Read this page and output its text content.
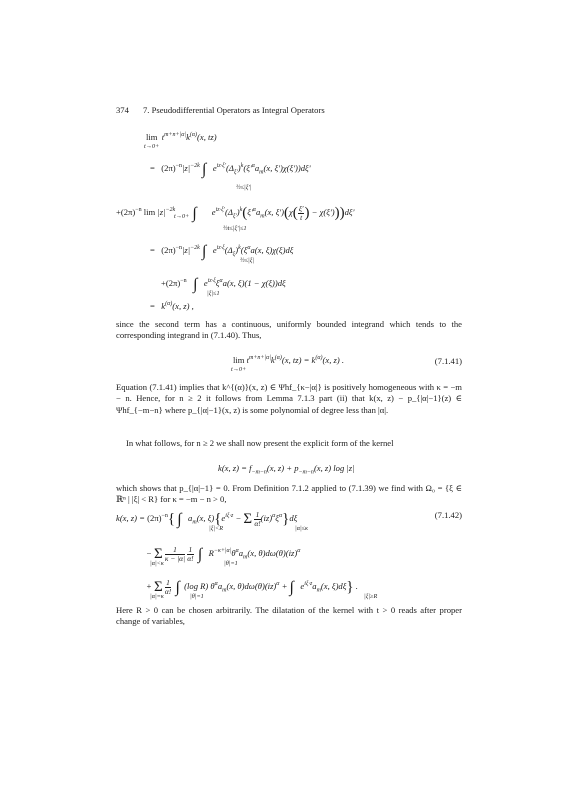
374 7. Pseudodifferential Operators as Integral Operators
lim
t→0+
$t^{m+n+|\alpha|}k^{(\alpha)}(x$, tz)
=   $(2\pi)^{-n}|z|^{-2k}$ ∫   $e^{iz\cdot\xi'}(\Delta_{\xi'})^k(\xi'^\alpha a_m(x$, ξ')χ(ξ'))dξ'
½≤|ξ'|
$+(2\pi)^{-n}$ $\lim |z|^{-2k}$ ∫       $e^{iz\cdot\xi'}(\Delta_{\xi'})^k(\xi'^\alpha a_m(x$, $\xi')(\chi( \frac{\xi'}{t}$ ) − χ(ξ')))dξ'
t→0+
½t≤|ξ'|≤1
=   $(2\pi)^{-n}|z|^{-2k}$ ∫   $e^{iz\cdot\xi}(\Delta_\xi)^k(\xi^\alpha a(x$, ξ)χ(ξ)dξ
½≤|ξ|
$+(2\pi)^{-n}$ ∫   $e^{iz\cdot\xi}\xi^\alpha a(x$, ξ)(1 − χ(ξ))dξ
|ξ|≤1
=   $k^{(\alpha)}(x$, z) ,
since the second term has a continuous, uniformly bounded integrand which tends to the corresponding integrand in (7.1.40). Thus,
$\lim t^{m+n+|\alpha|}k^{(\alpha)}(x$, $tz) = k^{(\alpha)}(x$, z) .
t→0+
(7.1.41)
Equation (7.1.41) implies that k^{(α)}(x, z) ∈ Ψhf_{κ−|α|} is positively homogeneous with κ = −m − n. Hence, for n ≥ 2 it follows from Lemma 7.1.3 part (ii) that k(x, z) − p_{|α|−1}(z) ∈ Ψhf_{−m−n} where p_{|α|−1}(x, z) is some polynomial of degree less than |α|.
In what follows, for n ≥ 2 we shall now present the explicit form of the kernel
k(x, $z) = f_{-m-n}(x$, $z) + p_{-m-n}(x$, z) log |z|
which shows that p_{|α|−1} = 0. From Definition 7.1.2 applied to (7.1.39) we find with Ω₀ = {ξ ∈ ℝⁿ | |ξ| < R} for κ = −m − n > 0,
k(x, $z) = (2\pi)^{-n}${ ∫   $a_m(x$, $\xi)\{e^{i\xi\cdot z} - \Sigma \frac{1}{\alpha!} (iz)^\alpha\xi^\alpha\}d\xi$
|ξ|<R	|α|≤κ
(7.1.42)
− Σ $\frac{1}{\kappa - |\alpha|}$
$\frac{1}{\alpha!}$ ∫   $R^{-\kappa+|\alpha|}\theta^\alpha a_m(x$, θ)dω(θ)(iz)$^\alpha$
|α|<κ	|θ|=1
+ Σ $\frac{1}{\alpha!}$ ∫  (log R) $\theta^\alpha a_m(x$, θ)dω(θ)(iz)$^\alpha$ + ∫   $e^{i\xi\cdot z}a_m(x$, ξ)dξ} .
|α|=κ	|θ|=1	|ξ|≥R
Here R > 0 can be chosen arbitrarily. The dilatation of the kernel with t > 0 reads after proper change of variables,
